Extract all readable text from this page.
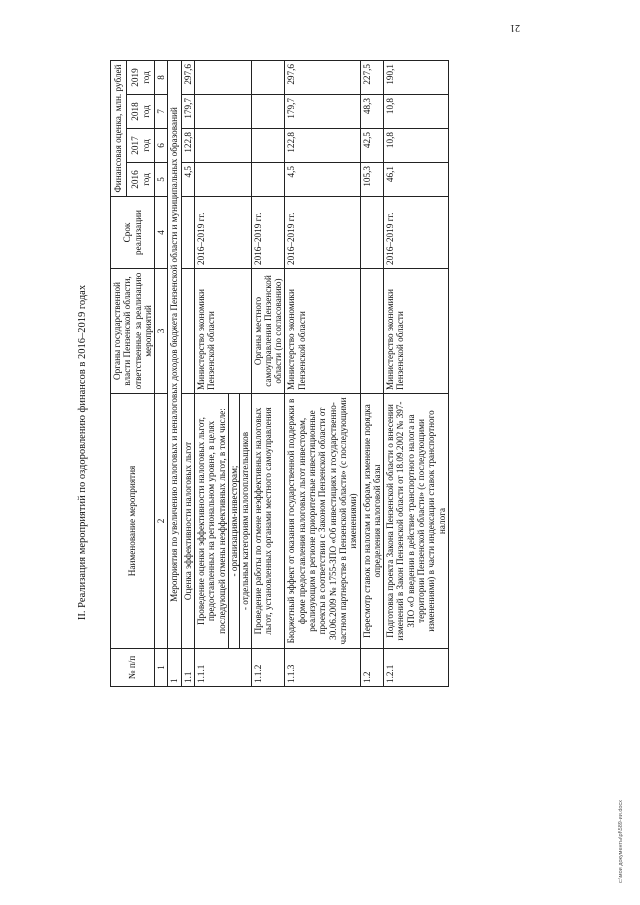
21
II. Реализация мероприятий по оздоровлению финансов в 2016–2019 годах
№ п/п	Наименование мероприятия	Органы государственной власти Пензенской области, ответственные за реализацию мероприятий	Срок реализации	Финансовая оценка, млн. рублей			
				2016 год	2017 год	2018 год	2019 год
1	2	3	4	5	6	7	8
1	Мероприятия по увеличению налоговых и неналоговых доходов бюджета Пензенской области и муниципальных образований						
1.1	Оценка эффективности налоговых льгот			4,5	122,8	179,7	297,6
1.1.1	Проведение оценки эффективности налоговых льгот, предоставленных на региональном уровне, в целях последующей отмены неэффективных льгот, в том числе:	Министерство экономики Пензенской области	2016–2019 гг.				
	- организациям-инвесторам;						
	- отдельным категориям налогоплательщиков						
1.1.2	Проведение работы по отмене неэффективных налоговых льгот, установленных органами местного самоуправления	Органы местного самоуправления Пензенской области (по согласованию)	2016–2019 гг.				
1.1.3	Бюджетный эффект от оказания государственной поддержки в форме предоставления налоговых льгот инвесторам, реализующим в регионе приоритетные инвестиционные проекты в соответствии с Законом Пензенской области от 30.06.2009 № 1755-ЗПО «Об инвестициях и государственно-частном партнерстве в Пензенской области» (с последующими изменениями)	Министерство экономики Пензенской области	2016–2019 гг.	4,5	122,8	179,7	297,6
1.2	Пересмотр ставок по налогам и сборам, изменение порядка определения налоговой базы			105,3	42,5	48,3	227,5
1.2.1	Подготовка проекта Закона Пензенской области о внесении изменений в Закон Пензенской области от 18.09.2002 № 397-ЗПО «О введении в действие транспортного налога на территории Пензенской области» (с последующими изменениями) в части индексации ставок транспортного налога	Министерство экономики Пензенской области	2016–2019 гг.	46,1	10,8	10,8	190,1
c:\мои документы\pf\589-ии.docx
